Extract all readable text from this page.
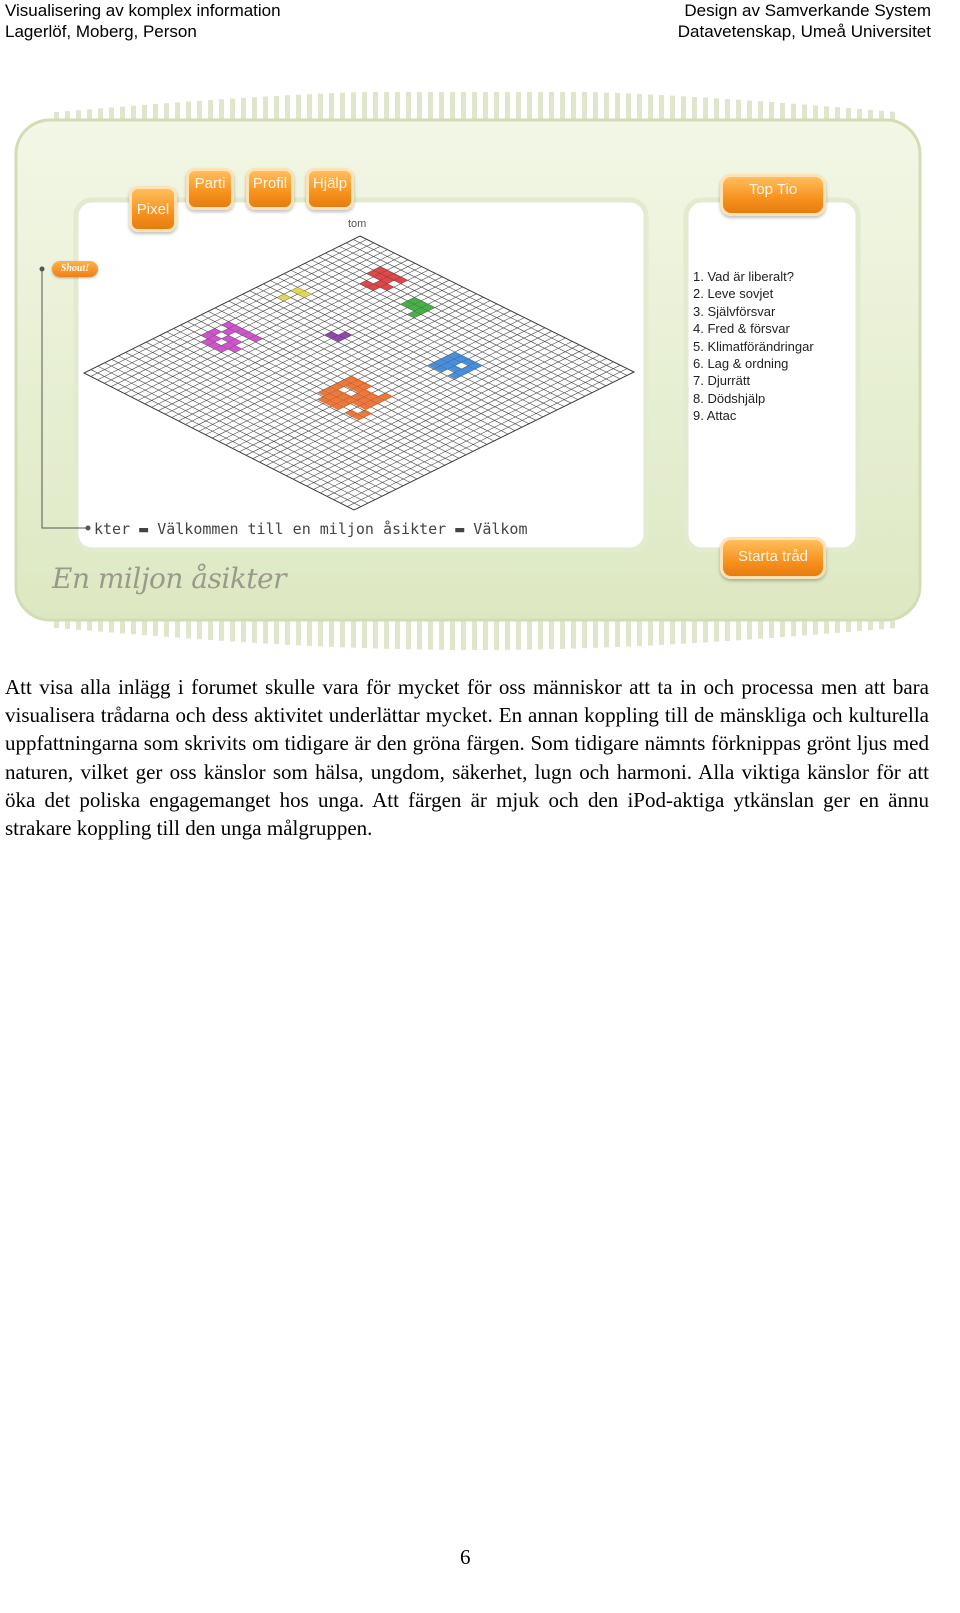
Visualisering av komplex information
Lagerlöf, Moberg, Person
Design av Samverkande System
Datavetenskap, Umeå Universitet
Pixel
Parti	Profil	Hjälp	Top Tio
Starta tråd
Shout!
tom
1. Vad är liberalt?
2. Leve sovjet
3. Självförsvar
4. Fred & försvar
5. Klimatförändringar
6. Lag & ordning
7. Djurrätt
8. Dödshjälp
9. Attac
kter ▬ Välkommen till en miljon åsikter ▬ Välkom
En miljon åsikter
Att visa alla inlägg i forumet skulle vara för mycket för oss människor att ta in och processa men att bara visualisera trådarna och dess aktivitet underlättar mycket. En annan koppling till de mänskliga och kulturella uppfattningarna som skrivits om tidigare är den gröna färgen. Som tidigare nämnts förknippas grönt ljus med naturen, vilket ger oss känslor som hälsa, ungdom, säkerhet, lugn och harmoni. Alla viktiga känslor för att öka det poliska engagemanget hos unga. Att färgen är mjuk och den iPod-aktiga ytkänslan ger en ännu strakare koppling till den unga målgruppen.
6
